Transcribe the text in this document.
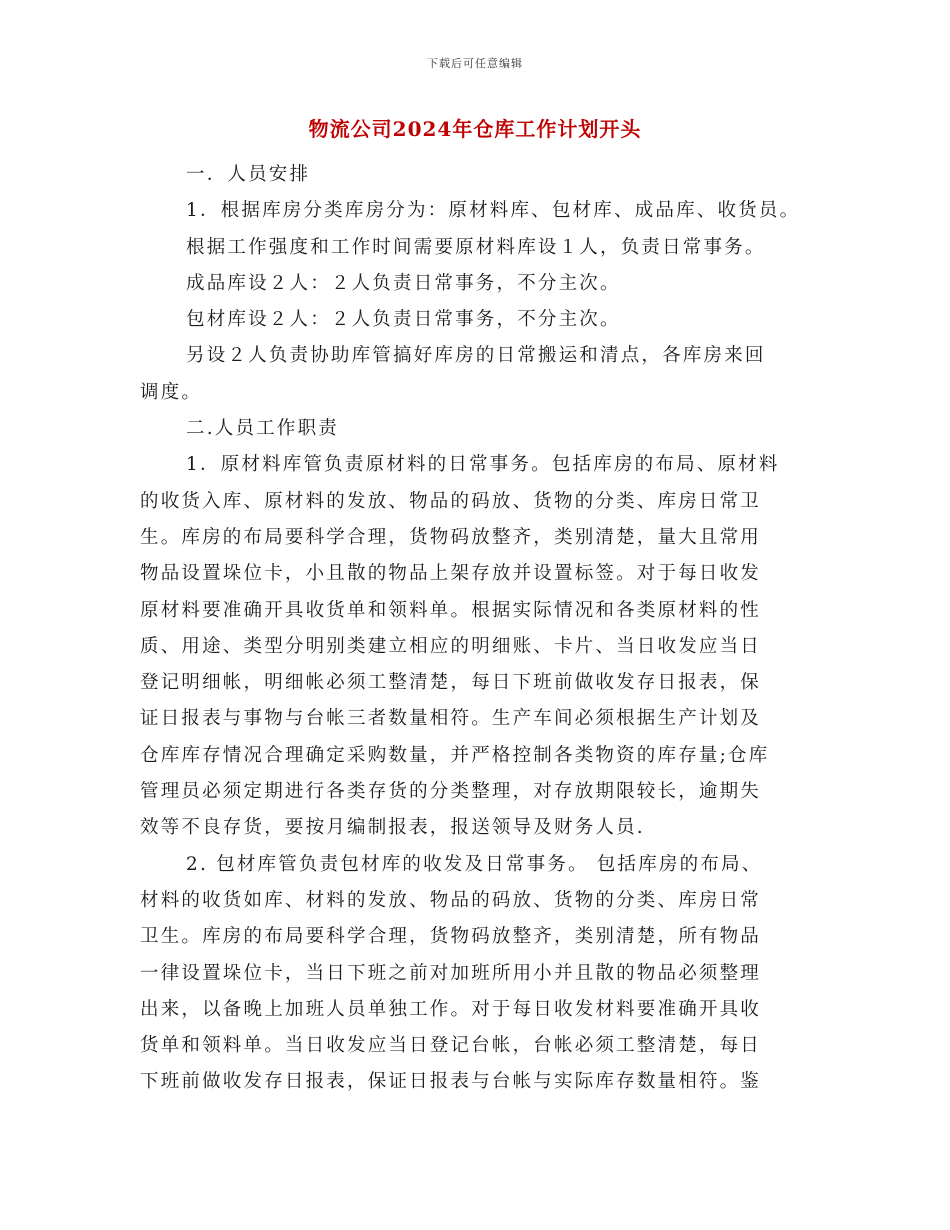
下载后可任意编辑
物流公司2024年仓库工作计划开头

一．人员安排

1．根据库房分类库房分为：原材料库、包材库、成品库、收货员。

根据工作强度和工作时间需要原材料库设１人，负责日常事务。

成品库设２人：２人负责日常事务，不分主次。

包材库设２人：２人负责日常事务，不分主次。

另设２人负责协助库管搞好库房的日常搬运和清点，各库房来回

调度。

二.人员工作职责

1．原材料库管负责原材料的日常事务。包括库房的布局、原材料

的收货入库、原材料的发放、物品的码放、货物的分类、库房日常卫

生。库房的布局要科学合理，货物码放整齐，类别清楚，量大且常用

物品设置垛位卡，小且散的物品上架存放并设置标签。对于每日收发

原材料要准确开具收货单和领料单。根据实际情况和各类原材料的性

质、用途、类型分明别类建立相应的明细账、卡片、当日收发应当日

登记明细帐，明细帐必须工整清楚，每日下班前做收发存日报表，保

证日报表与事物与台帐三者数量相符。生产车间必须根据生产计划及

仓库库存情况合理确定采购数量，并严格控制各类物资的库存量;仓库

管理员必须定期进行各类存货的分类整理，对存放期限较长，逾期失

效等不良存货，要按月编制报表，报送领导及财务人员.

2. 包材库管负责包材库的收发及日常事务。 包括库房的布局、

材料的收货如库、材料的发放、物品的码放、货物的分类、库房日常

卫生。库房的布局要科学合理，货物码放整齐，类别清楚，所有物品

一律设置垛位卡，当日下班之前对加班所用小并且散的物品必须整理

出来，以备晚上加班人员单独工作。对于每日收发材料要准确开具收

货单和领料单。当日收发应当日登记台帐，台帐必须工整清楚，每日

下班前做收发存日报表，保证日报表与台帐与实际库存数量相符。鉴
